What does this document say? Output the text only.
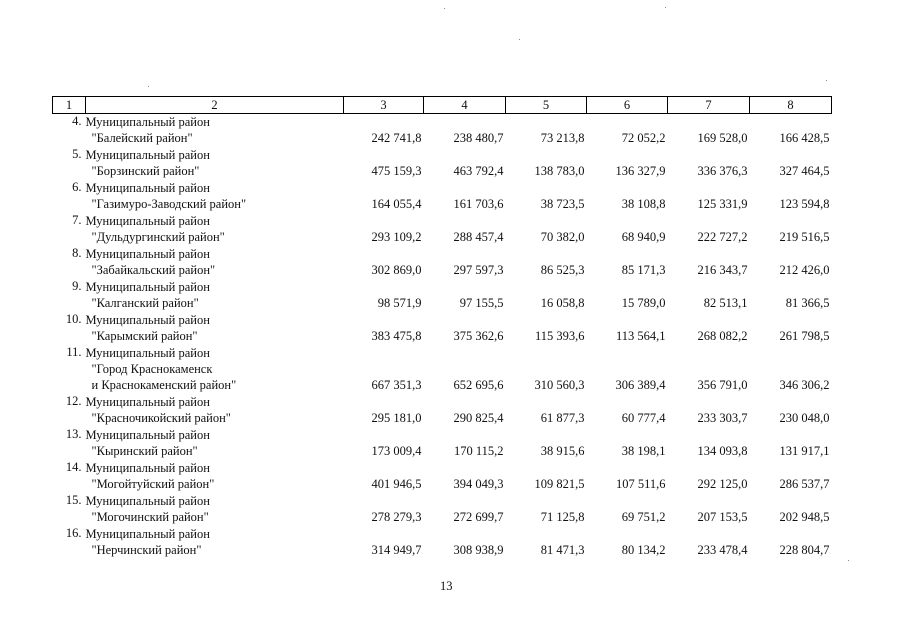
1	2	3	4	5	6	7	8
4.	Муниципальный район
"Балейский район"	242 741,8	238 480,7	73 213,8	72 052,2	169 528,0	166 428,5
5.	Муниципальный район
"Борзинский район"	475 159,3	463 792,4	138 783,0	136 327,9	336 376,3	327 464,5
6.	Муниципальный район
"Газимуро-Заводский район"	164 055,4	161 703,6	38 723,5	38 108,8	125 331,9	123 594,8
7.	Муниципальный район
"Дульдургинский район"	293 109,2	288 457,4	70 382,0	68 940,9	222 727,2	219 516,5
8.	Муниципальный район
"Забайкальский район"	302 869,0	297 597,3	86 525,3	85 171,3	216 343,7	212 426,0
9.	Муниципальный район
"Калганский район"	98 571,9	97 155,5	16 058,8	15 789,0	82 513,1	81 366,5
10.	Муниципальный район
"Карымский район"	383 475,8	375 362,6	115 393,6	113 564,1	268 082,2	261 798,5
11.	Муниципальный район
"Город Краснокаменск
и Краснокаменский район"	667 351,3	652 695,6	310 560,3	306 389,4	356 791,0	346 306,2
12.	Муниципальный район
"Красночикойский район"	295 181,0	290 825,4	61 877,3	60 777,4	233 303,7	230 048,0
13.	Муниципальный район
"Кыринский район"	173 009,4	170 115,2	38 915,6	38 198,1	134 093,8	131 917,1
14.	Муниципальный район
"Могойтуйский район"	401 946,5	394 049,3	109 821,5	107 511,6	292 125,0	286 537,7
15.	Муниципальный район
"Могочинский район"	278 279,3	272 699,7	71 125,8	69 751,2	207 153,5	202 948,5
16.	Муниципальный район
"Нерчинский район"	314 949,7	308 938,9	81 471,3	80 134,2	233 478,4	228 804,7
13
